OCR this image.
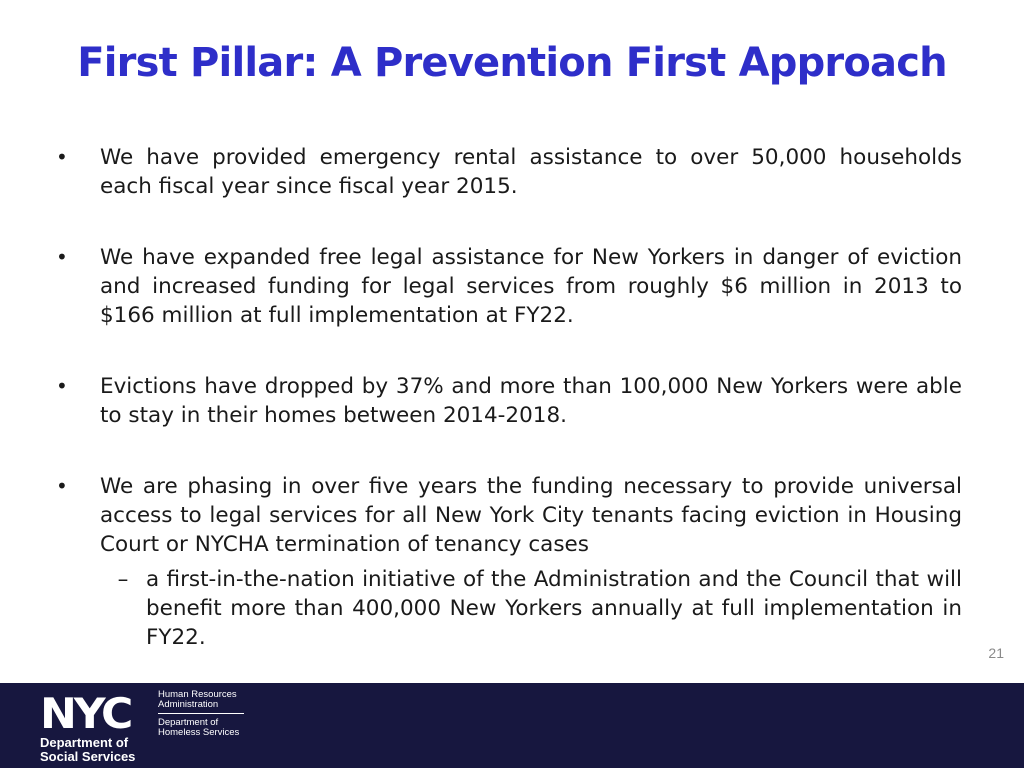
First Pillar: A Prevention First Approach
•	We have provided emergency rental assistance to over 50,000 households each fiscal year since fiscal year 2015.
•	We have expanded free legal assistance for New Yorkers in danger of eviction and increased funding for legal services from roughly $6 million in 2013 to $166 million at full implementation at FY22.
•	Evictions have dropped by 37% and more than 100,000 New Yorkers were able to stay in their homes between 2014-2018.
•	We are phasing in over five years the funding necessary to provide universal access to legal services for all New York City tenants facing eviction in Housing Court or NYCHA termination of tenancy cases
– a first-in-the-nation initiative of the Administration and the Council that will benefit more than 400,000 New Yorkers annually at full implementation in FY22.
21
NYC
Department of
Social Services
Human Resources
Administration
Department of
Homeless Services
